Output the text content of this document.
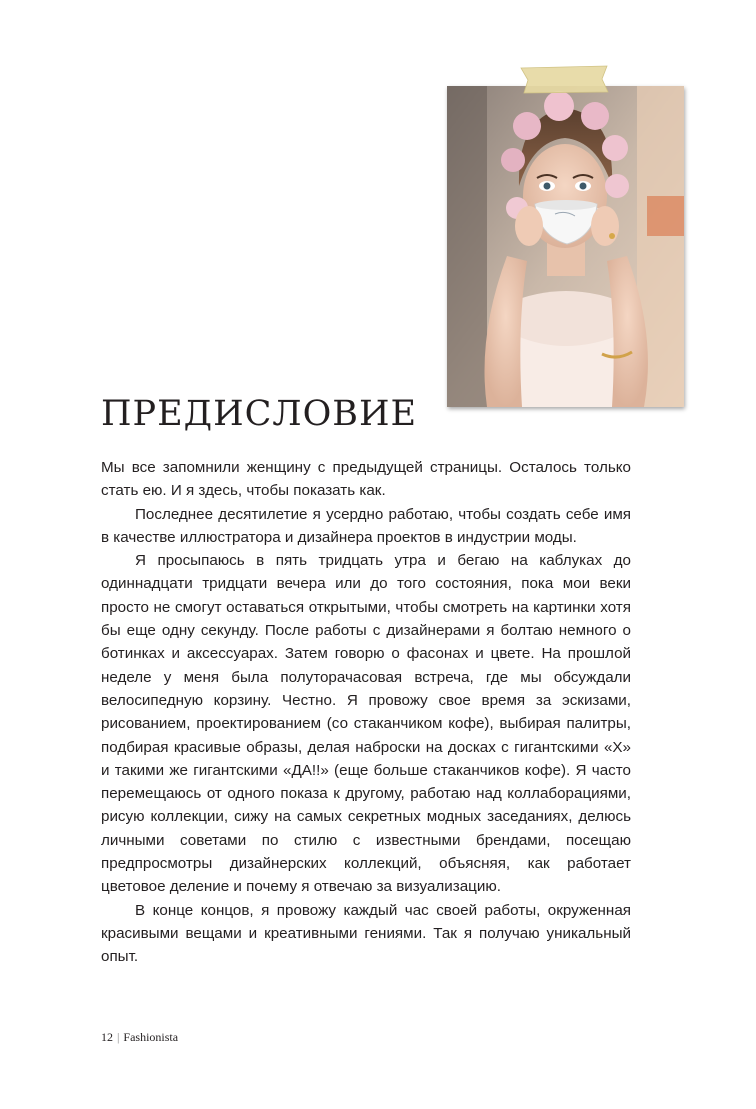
ПРЕДИСЛОВИЕ

Мы все запомнили женщину с предыдущей страницы. Осталось только стать ею. И я здесь, чтобы показать как.

Последнее десятилетие я усердно работаю, чтобы создать себе имя в качестве иллюстратора и дизайнера проектов в индустрии моды.

Я просыпаюсь в пять тридцать утра и бегаю на каблуках до одиннадцати тридцати вечера или до того состояния, пока мои веки просто не смогут оставаться открытыми, чтобы смотреть на картинки хотя бы еще одну секунду. После работы с дизайнерами я болтаю немного о ботинках и аксессуарах. Затем говорю о фасонах и цвете. На прошлой неделе у меня была полуторачасовая встреча, где мы обсуждали велосипедную корзину. Честно. Я провожу свое время за эскизами, рисованием, проектированием (со стаканчиком кофе), выбирая палитры, подбирая красивые образы, делая наброски на досках с гигантскими «Х» и такими же гигантскими «ДА!!» (еще больше стаканчиков кофе). Я часто перемещаюсь от одного показа к другому, работаю над коллаборациями, рисую коллекции, сижу на самых секретных модных заседаниях, делюсь личными советами по стилю с известными брендами, посещаю предпросмотры дизайнерских коллекций, объясняя, как работает цветовое деление и почему я отвечаю за визуализацию.

В конце концов, я провожу каждый час своей работы, окруженная красивыми вещами и креативными гениями. Так я получаю уникальный опыт.

12 | Fashionista
